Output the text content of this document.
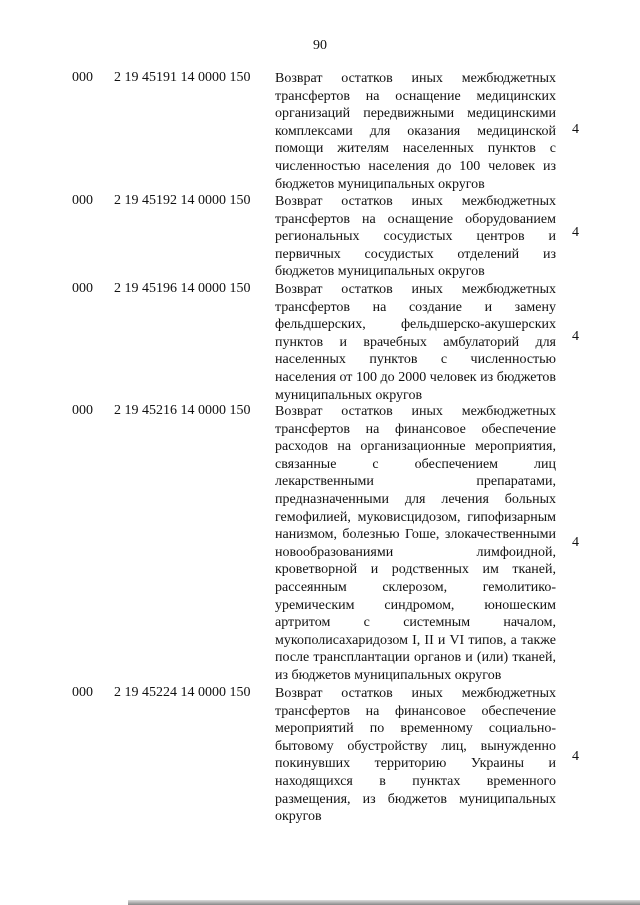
90
000 2 19 45191 14 0000 150 Возврат остатков иных межбюджетных трансфертов на оснащение медицинских организаций передвижными медицинскими комплексами для оказания медицинской помощи жителям населенных пунктов с численностью населения до 100 человек из бюджетов муниципальных округов
4
000 2 19 45192 14 0000 150 Возврат остатков иных межбюджетных трансфертов на оснащение оборудованием региональных сосудистых центров и первичных сосудистых отделений из бюджетов муниципальных округов
4
000 2 19 45196 14 0000 150 Возврат остатков иных межбюджетных трансфертов на создание и замену фельдшерских, фельдшерско-акушерских пунктов и врачебных амбулаторий для населенных пунктов с численностью населения от 100 до 2000 человек из бюджетов муниципальных округов
4
000 2 19 45216 14 0000 150 Возврат остатков иных межбюджетных трансфертов на финансовое обеспечение расходов на организационные мероприятия, связанные с обеспечением лиц лекарственными препаратами, предназначенными для лечения больных гемофилией, муковисцидозом, гипофизарным нанизмом, болезнью Гоше, злокачественными новообразованиями лимфоидной, кроветворной и родственных им тканей, рассеянным склерозом, гемолитико-уремическим синдромом, юношеским артритом с системным началом, мукополисахаридозом I, II и VI типов, а также после трансплантации органов и (или) тканей, из бюджетов муниципальных округов
4
000 2 19 45224 14 0000 150 Возврат остатков иных межбюджетных трансфертов на финансовое обеспечение мероприятий по временному социально-бытовому обустройству лиц, вынужденно покинувших территорию Украины и находящихся в пунктах временного размещения, из бюджетов муниципальных округов
4
